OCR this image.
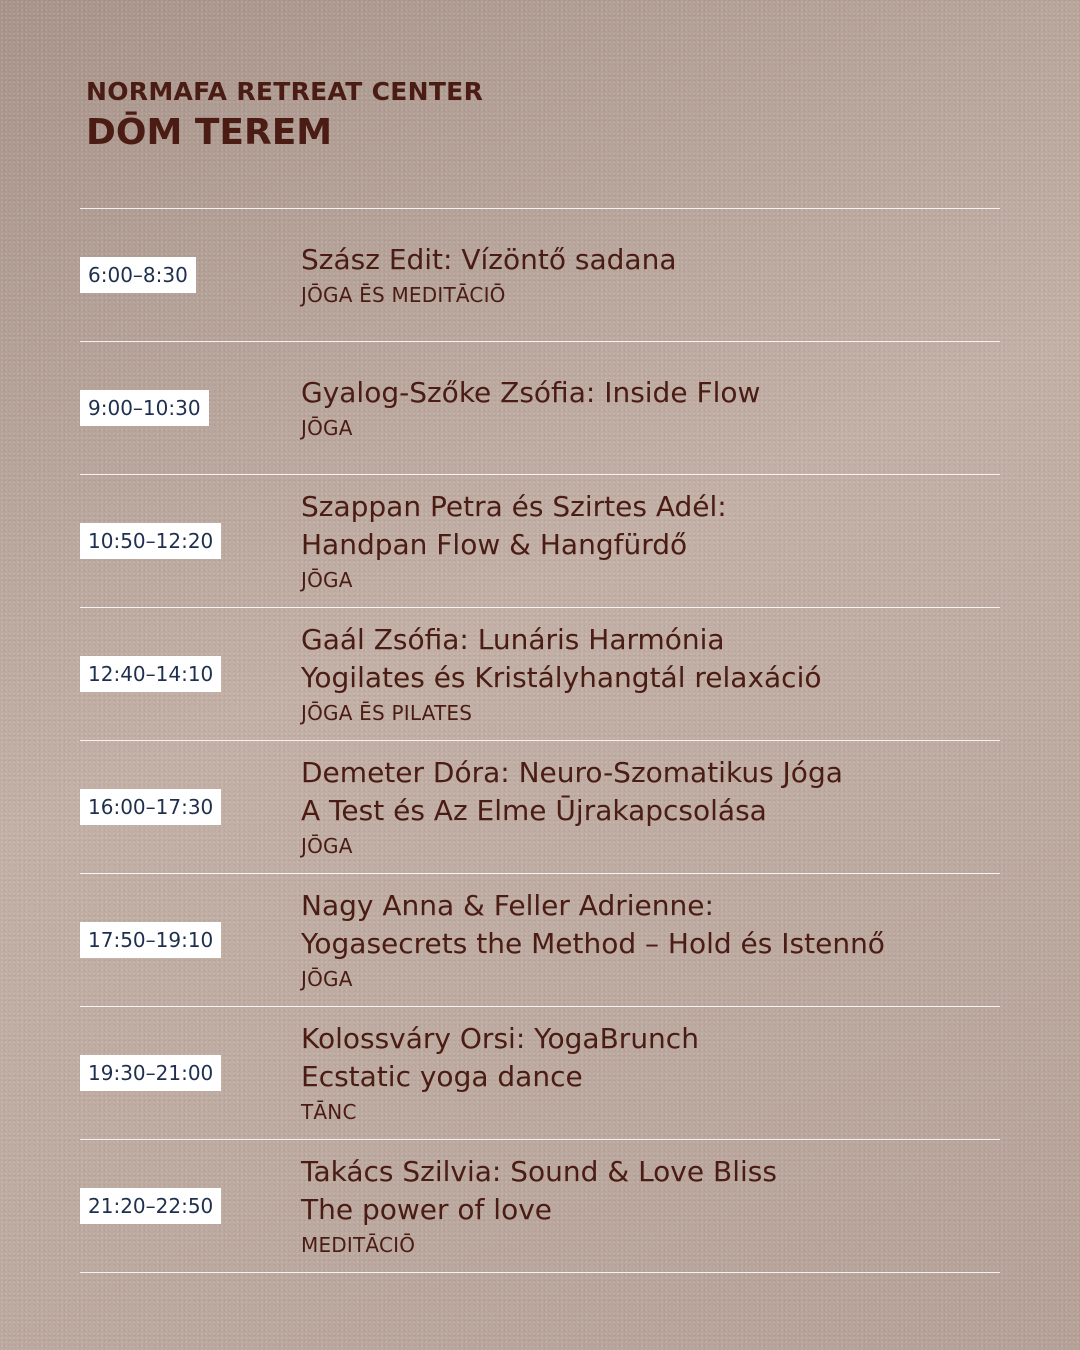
NORMAFA RETREAT CENTER
DŌM TEREM
6:00–8:30	Szász Edit: Vízöntő sadana
JŌGA ĒS MEDITĀCIŌ
9:00–10:30	Gyalog-Szőke Zsófia: Inside Flow
JŌGA
10:50–12:20
Szappan Petra és Szirtes Adél:
Handpan Flow & Hangfürdő
JŌGA
12:40–14:10
Gaál Zsófia: Lunáris Harmónia
Yogilates és Kristályhangtál relaxáció
JŌGA ĒS PILATES
16:00–17:30
Demeter Dóra: Neuro-Szomatikus Jóga
A Test és Az Elme Ūjrakapcsolása
JŌGA
17:50–19:10
Nagy Anna & Feller Adrienne:
Yogasecrets the Method – Hold és Istennő
JŌGA
19:30–21:00
Kolossváry Orsi: YogaBrunch
Ecstatic yoga dance
TĀNC
21:20–22:50
Takács Szilvia: Sound & Love Bliss
The power of love
MEDITĀCIŌ
